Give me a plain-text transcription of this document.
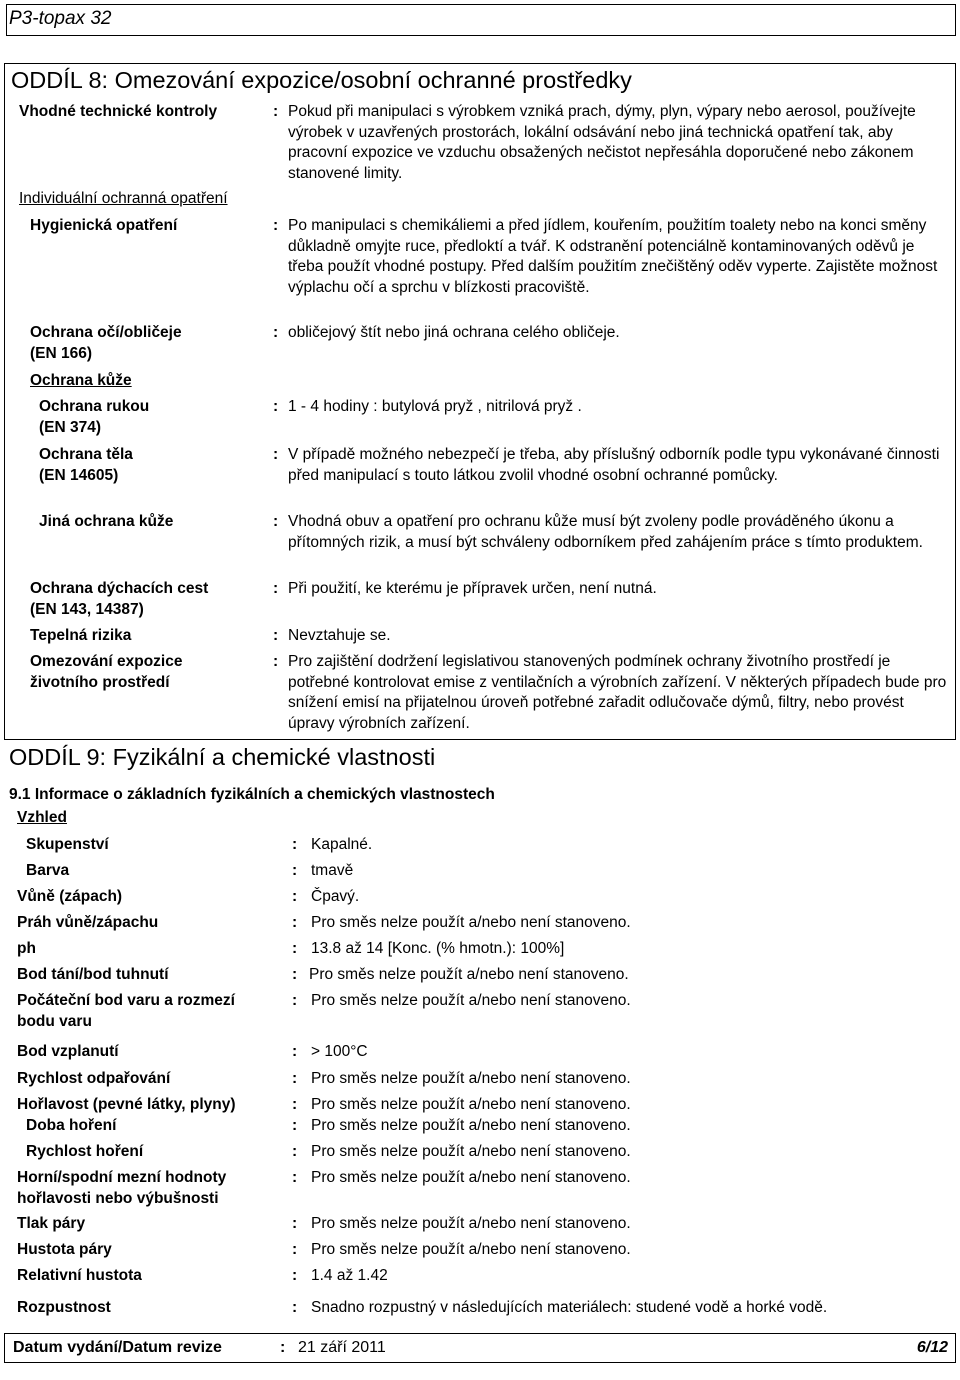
P3-topax 32
ODDÍL 8: Omezování expozice/osobní ochranné prostředky
Vhodné technické kontroly	: Pokud při manipulaci s výrobkem vzniká prach, dýmy, plyn, výpary nebo aerosol, používejte výrobek v uzavřených prostorách, lokální odsávání nebo jiná technická opatření tak, aby pracovní expozice ve vzduchu obsažených nečistot nepřesáhla doporučené nebo zákonem stanovené limity.
Individuální ochranná opatření
Hygienická opatření	: Po manipulaci s chemikáliemi a před jídlem, kouřením, použitím toalety nebo na konci směny důkladně omyjte ruce, předloktí a tvář. K odstranění potenciálně kontaminovaných oděvů je třeba použít vhodné postupy. Před dalším použitím znečištěný oděv vyperte. Zajistěte možnost výplachu očí a sprchu v blízkosti pracoviště.
Ochrana očí/obličeje
(EN 166)
: obličejový štít nebo jiná ochrana celého obličeje.
Ochrana kůže
Ochrana rukou
(EN 374)
: 1 - 4 hodiny : butylová pryž , nitrilová pryž .
Ochrana těla
(EN 14605)
: V případě možného nebezpečí je třeba, aby příslušný odborník podle typu vykonávané činnosti před manipulací s touto látkou zvolil vhodné osobní ochranné pomůcky.
Jiná ochrana kůže	: Vhodná obuv a opatření pro ochranu kůže musí být zvoleny podle prováděného úkonu a přítomných rizik, a musí být schváleny odborníkem před zahájením práce s tímto produktem.
Ochrana dýchacích cest
(EN 143, 14387)
: Při použití, ke kterému je přípravek určen, není nutná.
Tepelná rizika	: Nevztahuje se.
Omezování expozice
životního prostředí
: Pro zajištění dodržení legislativou stanovených podmínek ochrany životního prostředí je potřebné kontrolovat emise z ventilačních a výrobních zařízení. V některých případech bude pro snížení emisí na přijatelnou úroveň potřebné zařadit odlučovače dýmů, filtry, nebo provést úpravy výrobních zařízení.
ODDÍL 9: Fyzikální a chemické vlastnosti
9.1 Informace o základních fyzikálních a chemických vlastnostech
Vzhled
Skupenství	: Kapalné.
Barva	: tmavě
Vůně (zápach)	: Čpavý.
Práh vůně/zápachu	: Pro směs nelze použít a/nebo není stanoveno.
ph	: 13.8 až 14 [Konc. (% hmotn.): 100%]
Bod tání/bod tuhnutí	: Pro směs nelze použít a/nebo není stanoveno.
Počáteční bod varu a rozmezí
bodu varu
: Pro směs nelze použít a/nebo není stanoveno.
Bod vzplanutí	: > 100°C
Rychlost odpařování	: Pro směs nelze použít a/nebo není stanoveno.
Hořlavost (pevné látky, plyny)	: Pro směs nelze použít a/nebo není stanoveno.
Doba hoření	: Pro směs nelze použít a/nebo není stanoveno.
Rychlost hoření	: Pro směs nelze použít a/nebo není stanoveno.
Horní/spodní mezní hodnoty
hořlavosti nebo výbušnosti
: Pro směs nelze použít a/nebo není stanoveno.
Tlak páry	: Pro směs nelze použít a/nebo není stanoveno.
Hustota páry	: Pro směs nelze použít a/nebo není stanoveno.
Relativní hustota	: 1.4 až 1.42
Rozpustnost	: Snadno rozpustný v následujících materiálech: studené vodě a horké vodě.
Datum vydání/Datum revize	: 21 září 2011	6/12
